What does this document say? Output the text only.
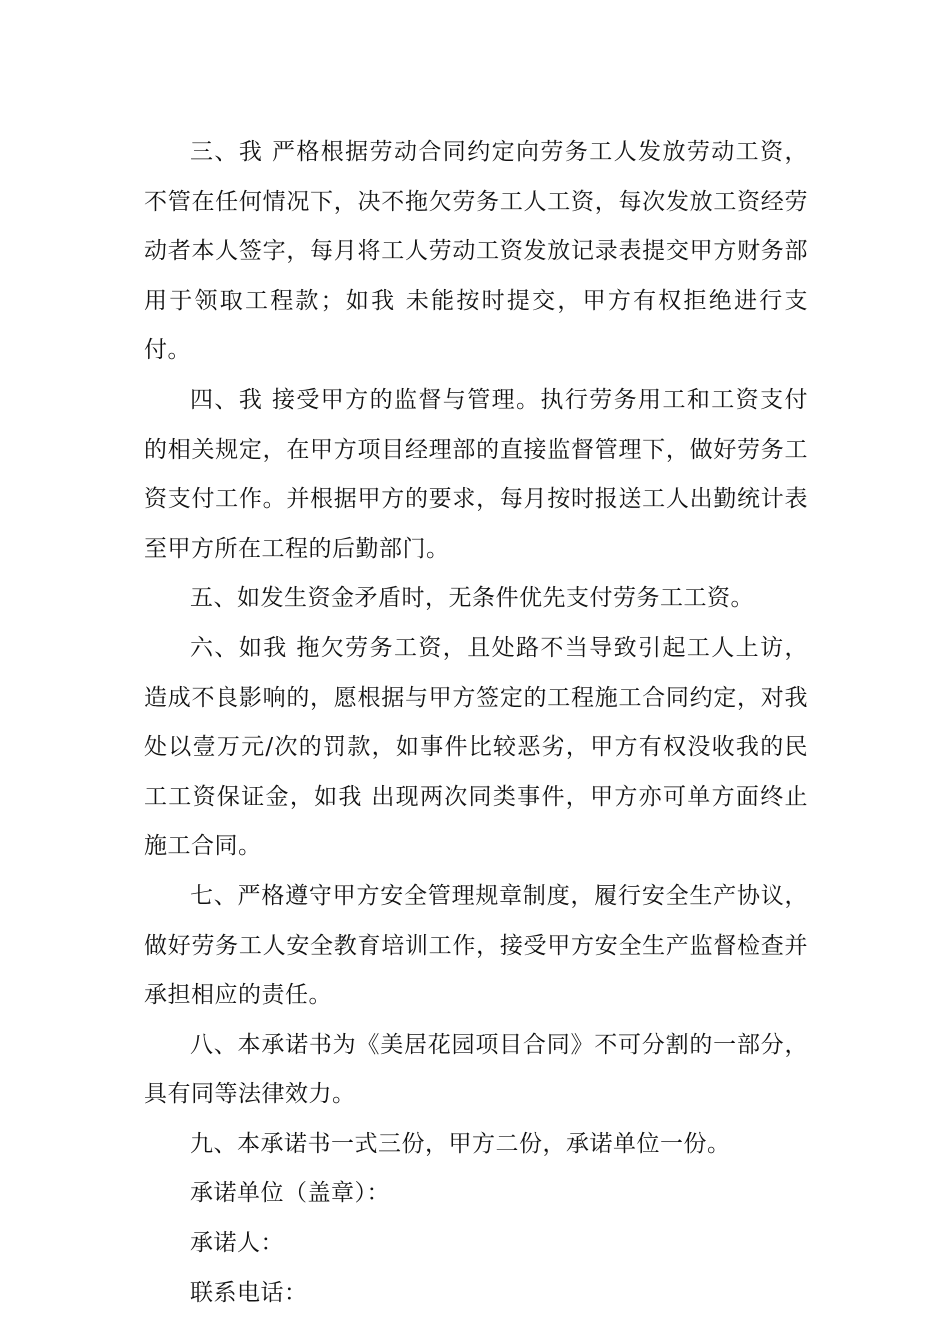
三、我 严格根据劳动合同约定向劳务工人发放劳动工资，不管在任何情况下，决不拖欠劳务工人工资，每次发放工资经劳动者本人签字，每月将工人劳动工资发放记录表提交甲方财务部用于领取工程款；如我 未能按时提交，甲方有权拒绝进行支付。

四、我 接受甲方的监督与管理。执行劳务用工和工资支付的相关规定，在甲方项目经理部的直接监督管理下，做好劳务工资支付工作。并根据甲方的要求，每月按时报送工人出勤统计表至甲方所在工程的后勤部门。

五、如发生资金矛盾时，无条件优先支付劳务工工资。

六、如我 拖欠劳务工资，且处路不当导致引起工人上访，造成不良影响的，愿根据与甲方签定的工程施工合同约定，对我 处以壹万元/次的罚款，如事件比较恶劣，甲方有权没收我的民工工资保证金，如我 出现两次同类事件，甲方亦可单方面终止施工合同。

七、严格遵守甲方安全管理规章制度，履行安全生产协议，做好劳务工人安全教育培训工作，接受甲方安全生产监督检查并承担相应的责任。

八、本承诺书为《美居花园项目合同》不可分割的一部分，具有同等法律效力。

九、本承诺书一式三份，甲方二份，承诺单位一份。

承诺单位（盖章）：

承诺人：

联系电话：
